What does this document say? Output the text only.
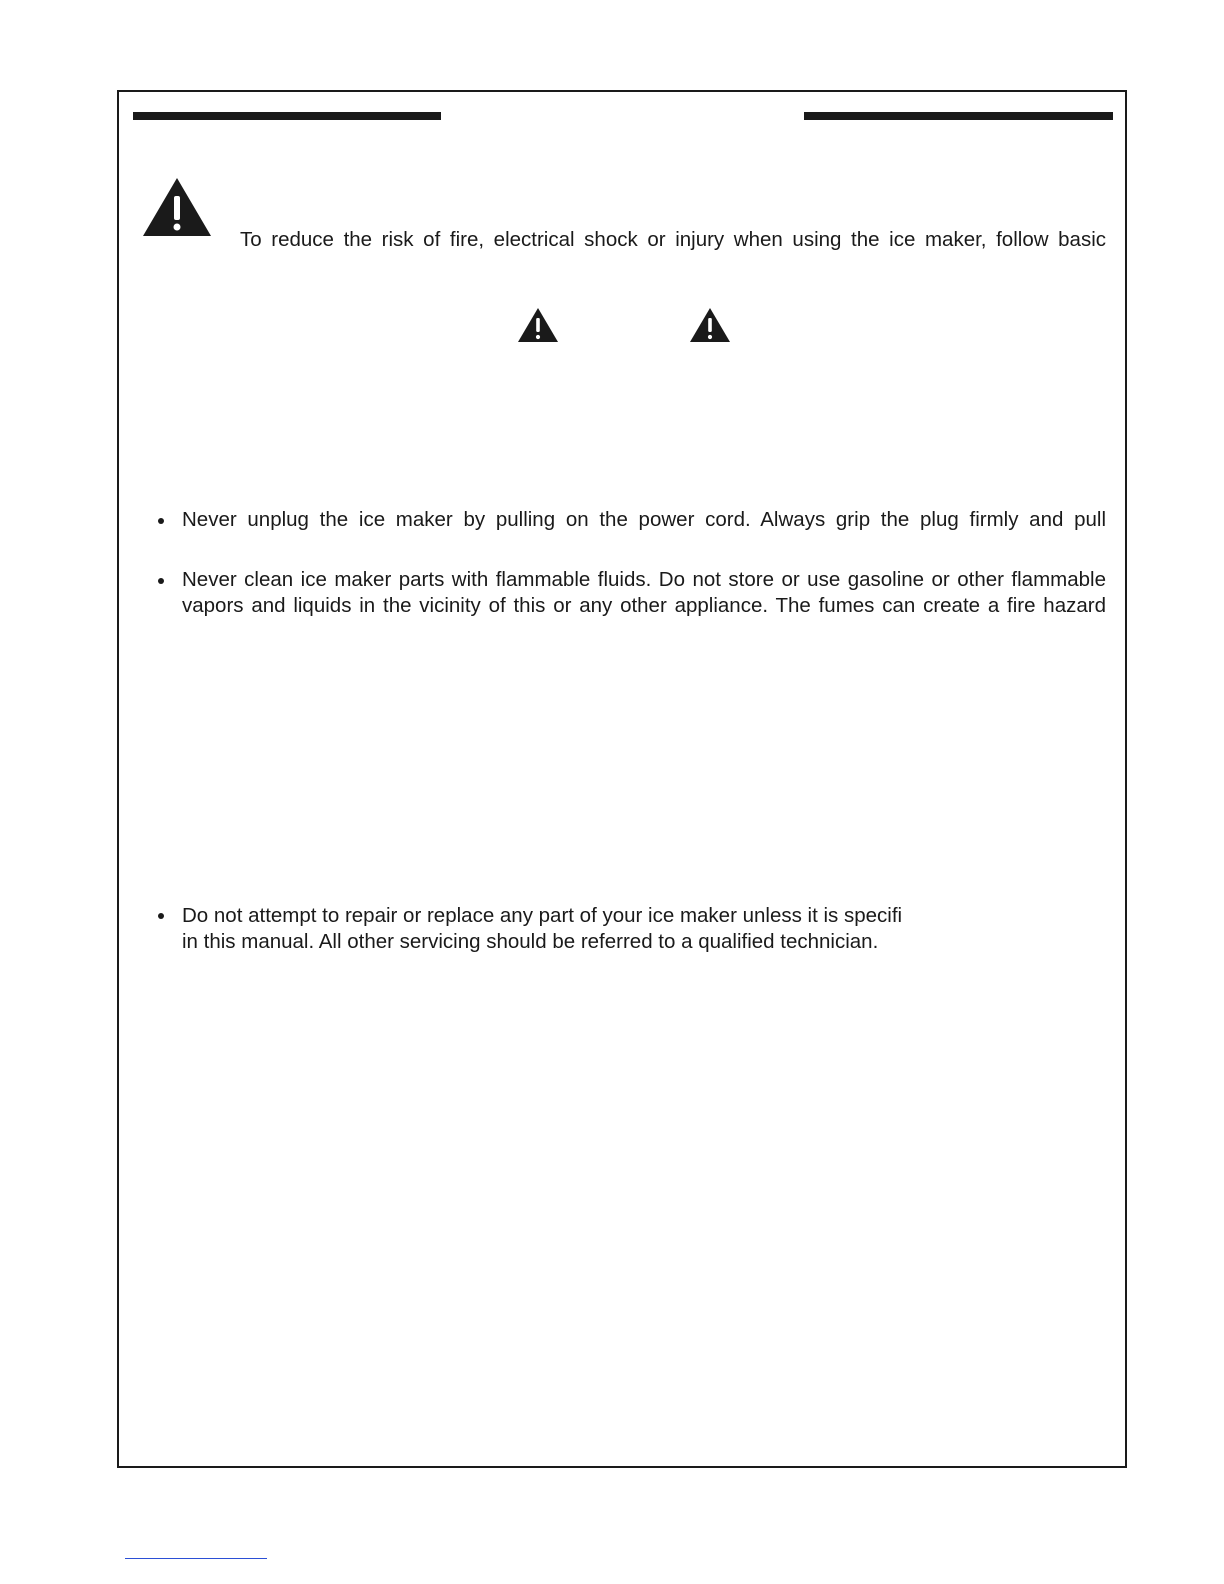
To reduce the risk of fire, electrical shock or injury when using the ice maker, follow basic
Never unplug the ice maker by pulling on the power cord. Always grip the plug firmly and pull
Never clean ice maker parts with flammable fluids. Do not store or use gasoline or other flammable
vapors and liquids in the vicinity of this or any other appliance. The fumes can create a fire hazard
Do not attempt to repair or replace any part of your ice maker unless it is specifi
in this manual. All other servicing should be referred to a qualified technician.
